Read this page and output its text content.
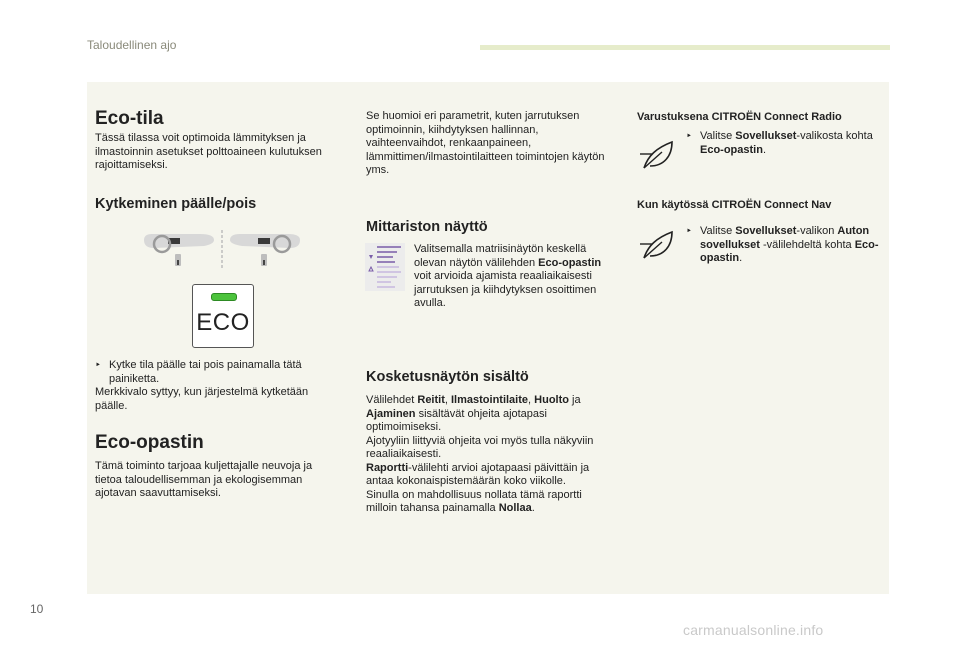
Taloudellinen ajo
Eco-tila
Tässä tilassa voit optimoida lämmityksen ja ilmastoinnin asetukset polttoaineen kulutuksen rajoittamiseksi.
Kytkeminen päälle/pois
ECO
‣ Kytke tila päälle tai pois painamalla tätä painiketta.
Merkkivalo syttyy, kun järjestelmä kytketään päälle.
Eco-opastin
Tämä toiminto tarjoaa kuljettajalle neuvoja ja tietoa taloudellisemman ja ekologisemman ajotavan saavuttamiseksi.
Se huomioi eri parametrit, kuten jarrutuksen optimoinnin, kiihdytyksen hallinnan, vaihteenvaihdot, renkaanpaineen, lämmittimen/ilmastointilaitteen toimintojen käytön yms.
Mittariston näyttö
Valitsemalla matriisinäytön keskellä olevan näytön välilehden Eco-opastin voit arvioida ajamista reaaliaikaisesti jarrutuksen ja kiihdytyksen osoittimen avulla.
Kosketusnäytön sisältö
Välilehdet Reitit, Ilmastointilaite, Huolto ja Ajaminen sisältävät ohjeita ajotapasi optimoimiseksi.
Ajotyyliin liittyviä ohjeita voi myös tulla näkyviin reaaliaikaisesti.
Raportti-välilehti arvioi ajotapaasi päivittäin ja antaa kokonaispistemäärän koko viikolle.
Sinulla on mahdollisuus nollata tämä raportti milloin tahansa painamalla Nollaa.
Varustuksena CITROËN Connect Radio
‣ Valitse Sovellukset-valikosta kohta Eco-opastin.
Kun käytössä CITROËN Connect Nav
‣ Valitse Sovellukset-valikon Auton sovellukset -välilehdeltä kohta Eco-opastin.
10
carmanualsonline.info
